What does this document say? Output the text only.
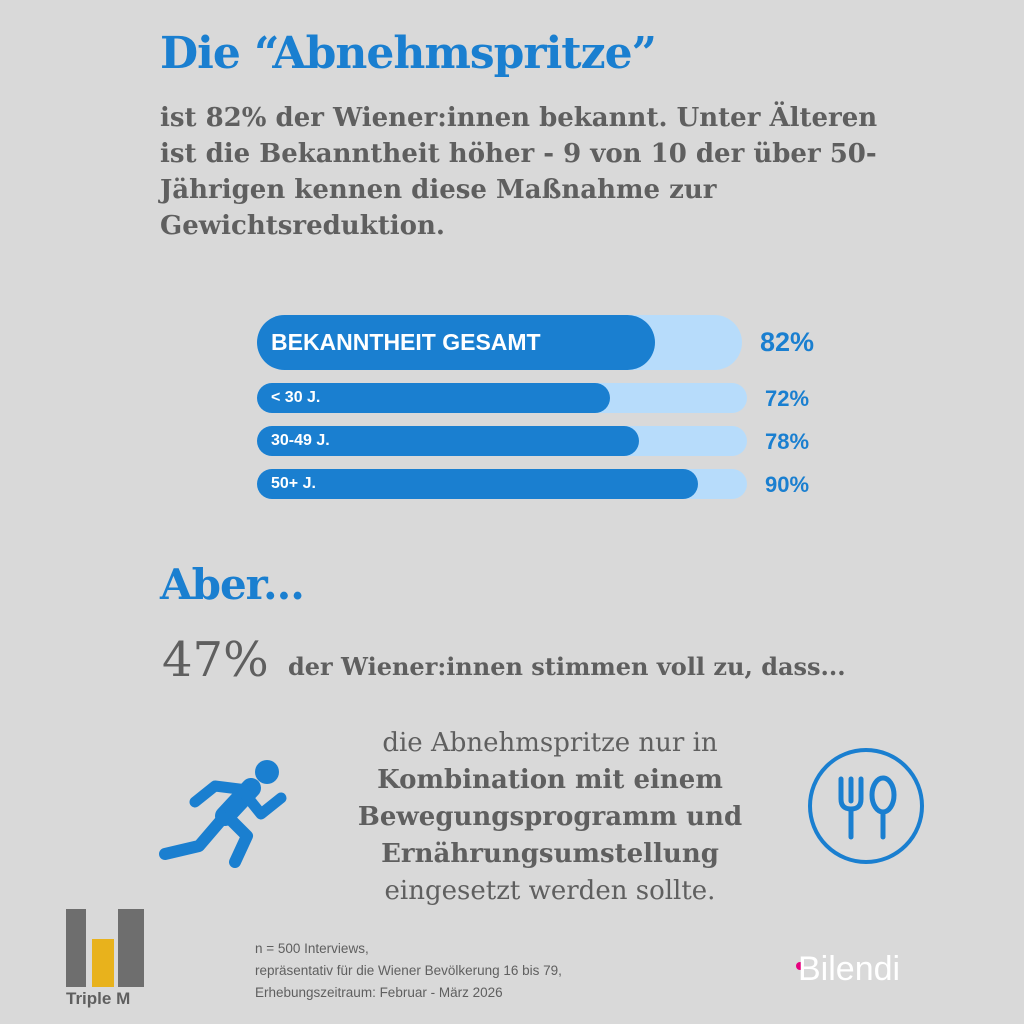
Die “Abnehmspritze”
ist 82% der Wiener:innen bekannt. Unter Älteren ist die Bekanntheit höher - 9 von 10 der über 50-Jährigen kennen diese Maßnahme zur Gewichtsreduktion.
BEKANNTHEIT GESAMT	82%
< 30 J.	72%
30-49 J.	78%
50+ J.	90%
Aber...
47% der Wiener:innen stimmen voll zu, dass...
die Abnehmspritze nur in
Kombination mit einem
Bewegungsprogramm und
Ernährungsumstellung
eingesetzt werden sollte.
Triple M
n = 500 Interviews,
repräsentativ für die Wiener Bevölkerung 16 bis 79,
Erhebungszeitraum: Februar - März 2026
Bilendi
